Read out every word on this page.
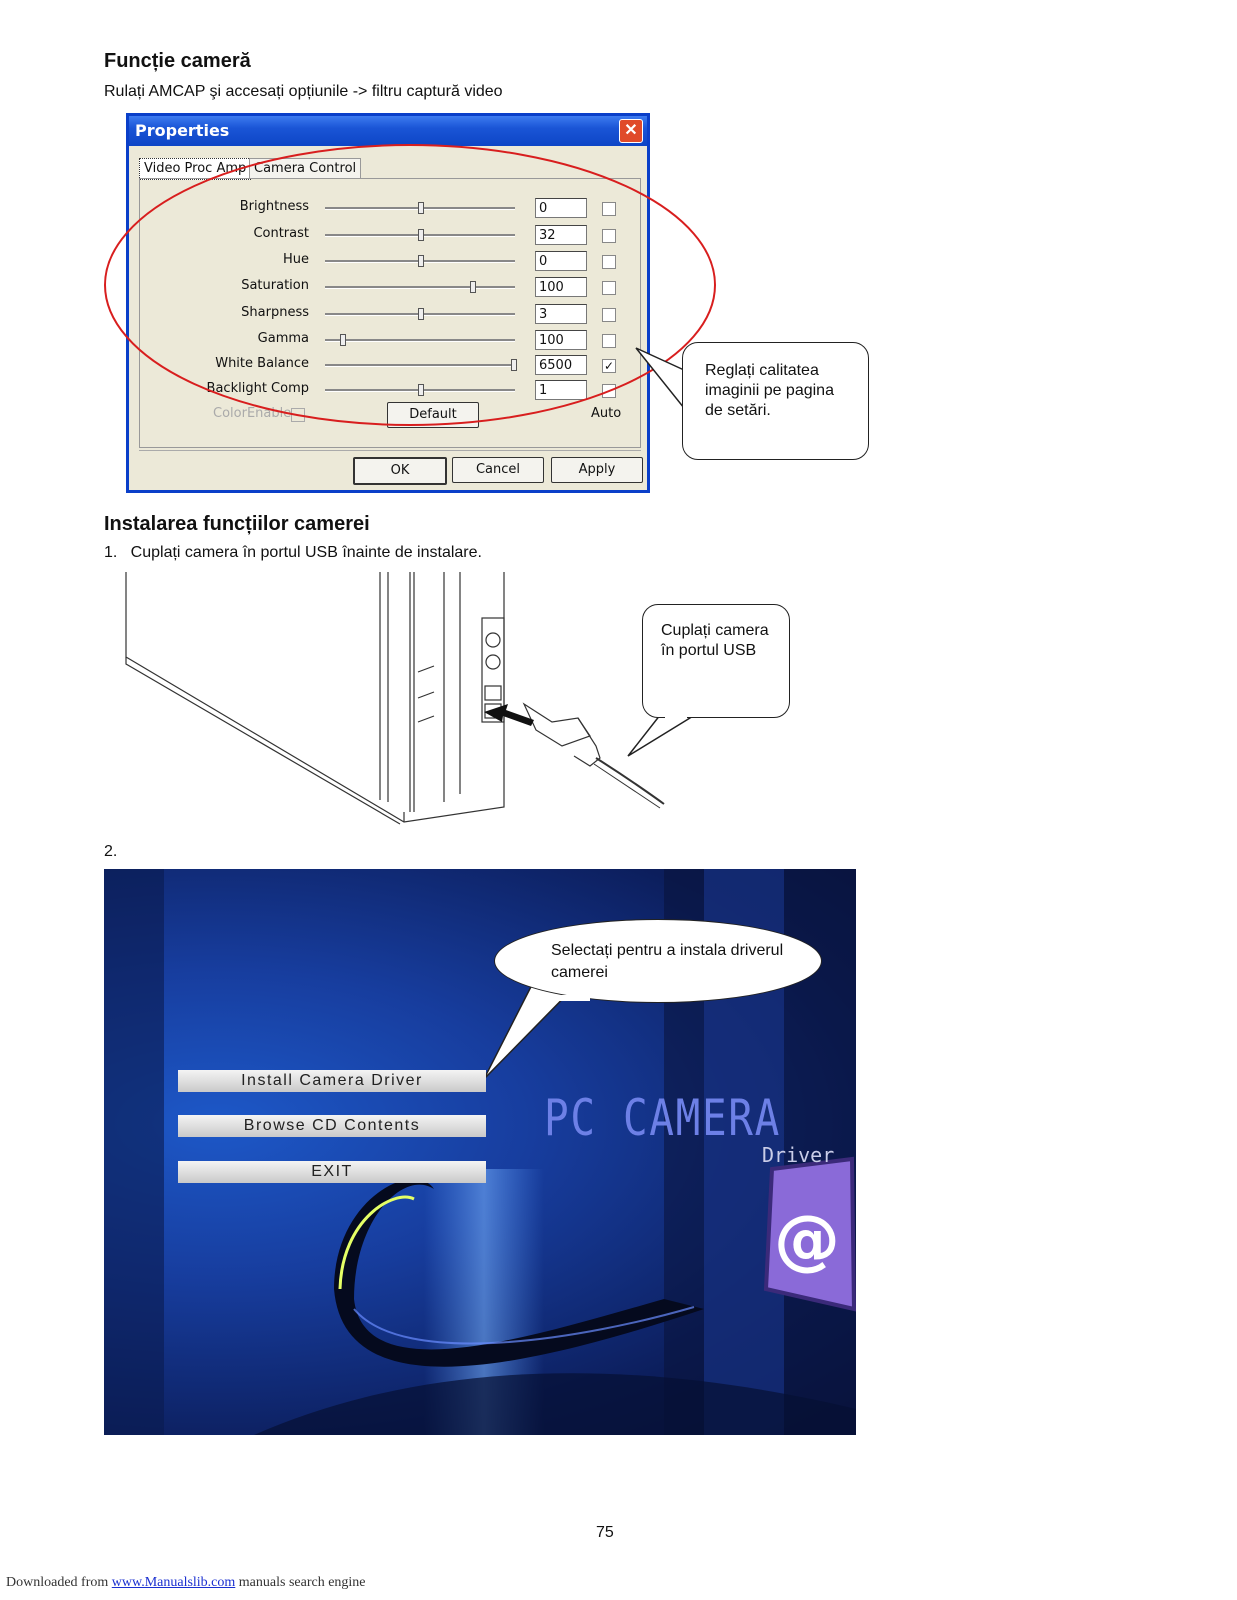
Funcție cameră
Rulați AMCAP şi accesați opțiunile -> filtru captură video
Properties	✕
Video Proc Amp Camera Control
ColorEnable	Default	Auto
OK	Cancel	Apply
Brightness	0
Contrast	32
Hue	0
Saturation	100
Sharpness	3
Gamma	100
White Balance	6500	✓
Backlight Comp	1
Reglați calitatea imaginii pe pagina de setări.
Instalarea funcțiilor camerei
1.   Cuplați camera în portul USB înainte de instalare.
Cuplați camera în portul USB
2.
Selectați pentru a instala driverul camerei
Install Camera Driver
Browse CD Contents
EXIT
PC CAMERA
Driver
@
75
Downloaded from www.Manualslib.com manuals search engine
